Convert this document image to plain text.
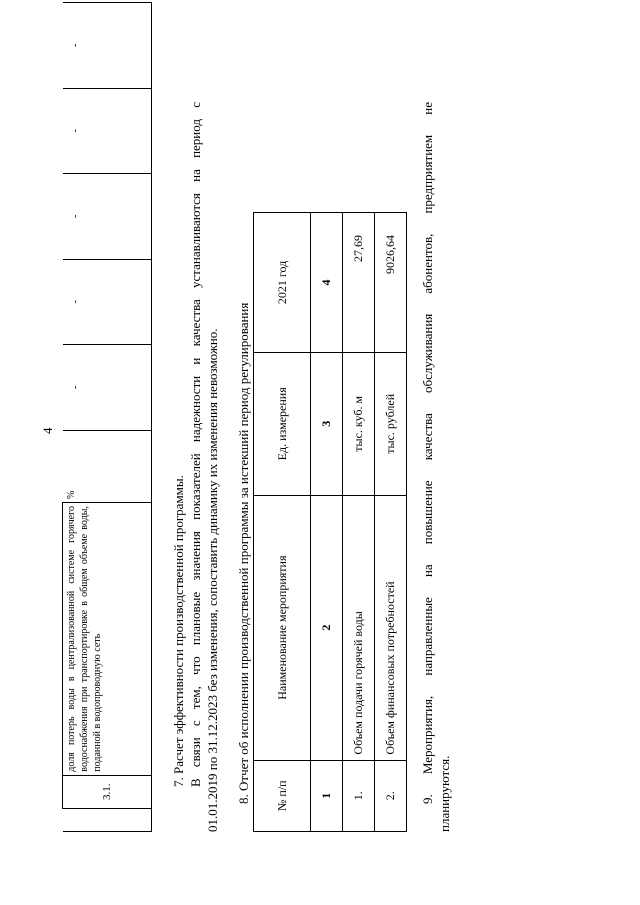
4
	3.1.	доля потерь воды в централизованной системе горячего водоснабжения при транспортировке в общем объеме воды, поданной в водопроводную сеть	%	-	-	-	-	-
7. Расчет эффективности производственной программы. В связи с тем, что плановые значения показателей надежности и качества устанавливаются на период с 01.01.2019 по 31.12.2023 без изменения, сопоставить динамику их изменения невозможно. 8. Отчет об исполнении производственной программы за истекший период регулирования № п/п	Наименование мероприятия	Ед. измерения	2021 год
1	2	3	4
1.	Объем подачи горячей воды	тыс. куб. м	27,69
2.	Объем финансовых потребностей	тыс. рублей	9026,64 9. Мероприятия, направленные на повышение качества обслуживания абонентов, предприятием не планируются.
